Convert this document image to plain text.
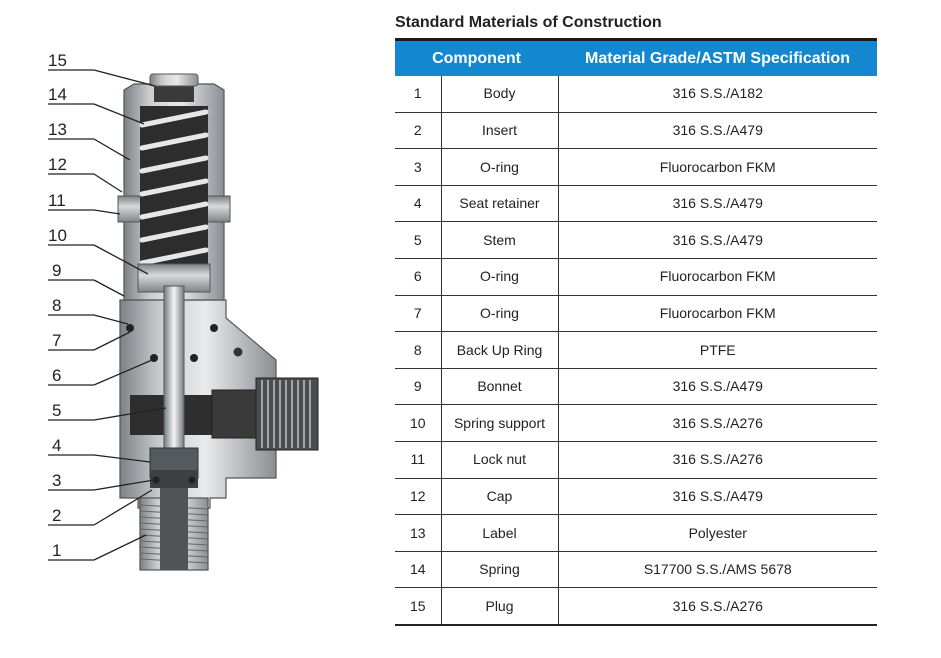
15
14
13
12
11
10
9
8
7
6
5
4
3
2
1
Standard Materials of Construction
Component		Material Grade/ASTM Specification
1	Body	316 S.S./A182
2	Insert	316 S.S./A479
3	O-ring	Fluorocarbon FKM
4	Seat retainer	316 S.S./A479
5	Stem	316 S.S./A479
6	O-ring	Fluorocarbon FKM
7	O-ring	Fluorocarbon FKM
8	Back Up Ring	PTFE
9	Bonnet	316 S.S./A479
10	Spring support	316 S.S./A276
11	Lock nut	316 S.S./A276
12	Cap	316 S.S./A479
13	Label	Polyester
14	Spring	S17700 S.S./AMS 5678
15	Plug	316 S.S./A276
